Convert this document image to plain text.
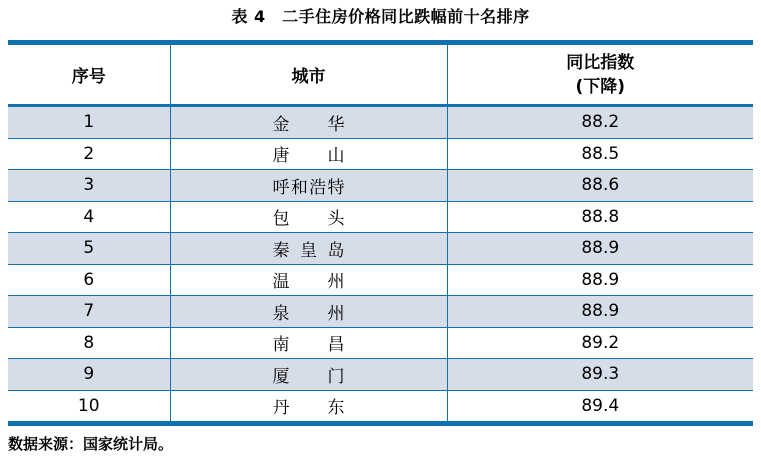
表 4　二手住房价格同比跌幅前十名排序
序号	城市	同比指数
(下降)

1	金 华	88.2
2	唐 山	88.5
3	呼 和 浩 特	88.6
4	包 头	88.8
5	秦 皇 岛	88.9
6	温 州	88.9
7	泉 州	88.9
8	南 昌	89.2
9	厦 门	89.3
10	丹 东	89.4
数据来源：国家统计局。
